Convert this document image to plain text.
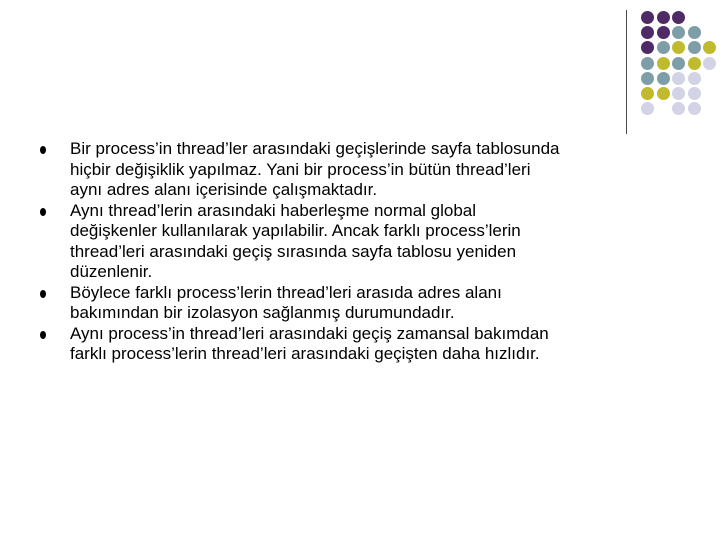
Bir process’in thread’ler arasındaki geçişlerinde sayfa tablosunda
hiçbir değişiklik yapılmaz. Yani bir process’in bütün thread’leri
aynı adres alanı içerisinde çalışmaktadır.
Aynı thread’lerin arasındaki haberleşme normal global
değişkenler kullanılarak yapılabilir. Ancak farklı process’lerin
thread’leri arasındaki geçiş sırasında sayfa tablosu yeniden
düzenlenir.
Böylece farklı process’lerin thread’leri arasıda adres alanı
bakımından bir izolasyon sağlanmış durumundadır.
Aynı process’in thread’leri arasındaki geçiş zamansal bakımdan
farklı process’lerin thread’leri arasındaki geçişten daha hızlıdır.
